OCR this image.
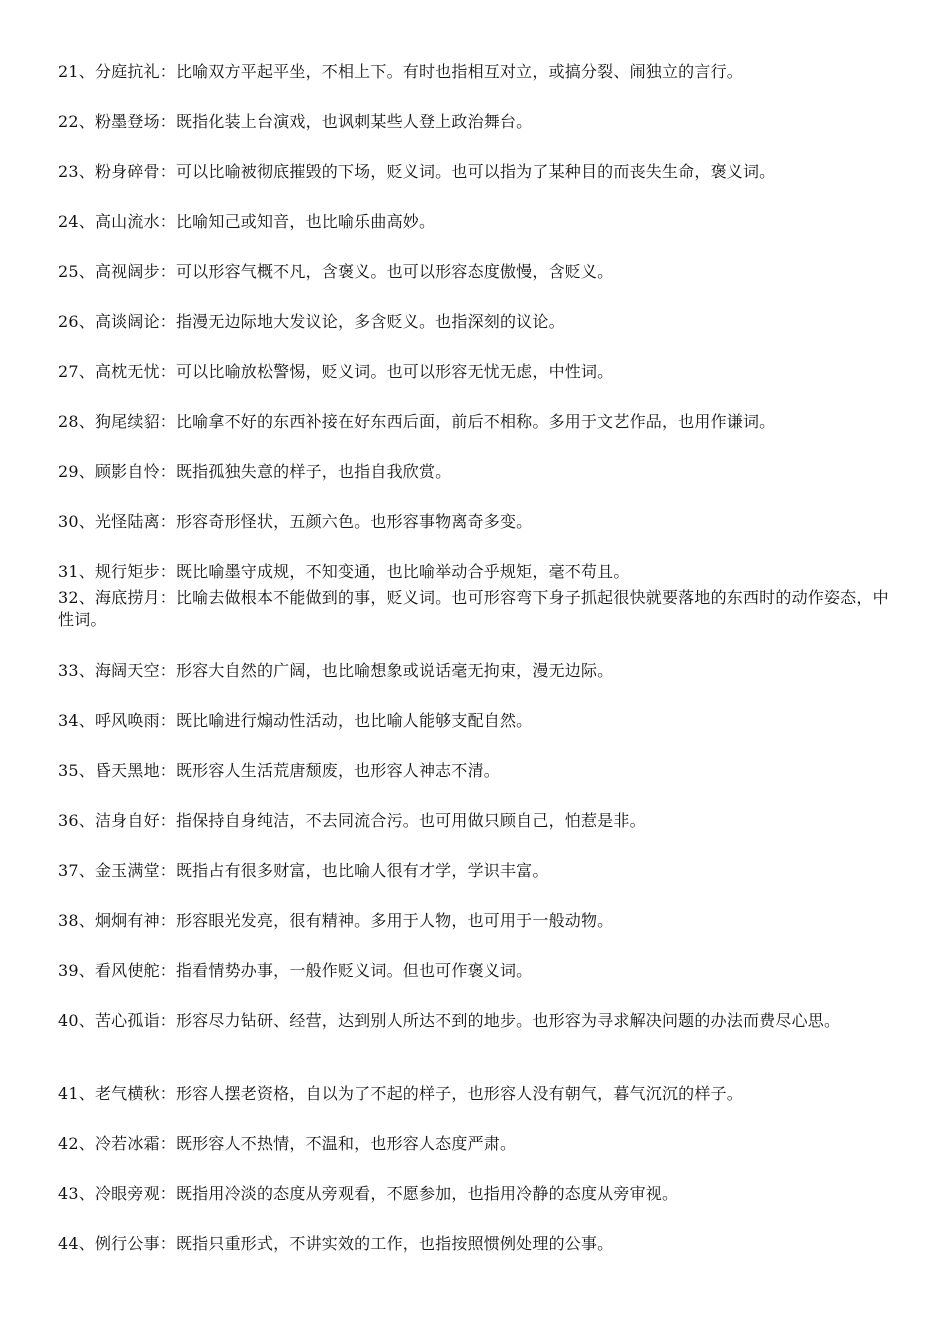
21、分庭抗礼：比喻双方平起平坐，不相上下。有时也指相互对立，或搞分裂、闹独立的言行。
22、粉墨登场：既指化装上台演戏，也讽刺某些人登上政治舞台。
23、粉身碎骨：可以比喻被彻底摧毁的下场，贬义词。也可以指为了某种目的而丧失生命，褒义词。
24、高山流水：比喻知己或知音，也比喻乐曲高妙。
25、高视阔步：可以形容气概不凡，含褒义。也可以形容态度傲慢，含贬义。
26、高谈阔论：指漫无边际地大发议论，多含贬义。也指深刻的议论。
27、高枕无忧：可以比喻放松警惕，贬义词。也可以形容无忧无虑，中性词。
28、狗尾续貂：比喻拿不好的东西补接在好东西后面，前后不相称。多用于文艺作品，也用作谦词。
29、顾影自怜：既指孤独失意的样子，也指自我欣赏。
30、光怪陆离：形容奇形怪状，五颜六色。也形容事物离奇多变。
31、规行矩步：既比喻墨守成规，不知变通，也比喻举动合乎规矩，毫不苟且。
32、海底捞月：比喻去做根本不能做到的事，贬义词。也可形容弯下身子抓起很快就要落地的东西时的动作姿态，中性词。
33、海阔天空：形容大自然的广阔，也比喻想象或说话毫无拘束，漫无边际。
34、呼风唤雨：既比喻进行煽动性活动，也比喻人能够支配自然。
35、昏天黑地：既形容人生活荒唐颓废，也形容人神志不清。
36、洁身自好：指保持自身纯洁，不去同流合污。也可用做只顾自己，怕惹是非。
37、金玉满堂：既指占有很多财富，也比喻人很有才学，学识丰富。
38、炯炯有神：形容眼光发亮，很有精神。多用于人物，也可用于一般动物。
39、看风使舵：指看情势办事，一般作贬义词。但也可作褒义词。
40、苦心孤诣：形容尽力钻研、经营，达到别人所达不到的地步。也形容为寻求解决问题的办法而费尽心思。
41、老气横秋：形容人摆老资格，自以为了不起的样子，也形容人没有朝气，暮气沉沉的样子。
42、冷若冰霜：既形容人不热情，不温和，也形容人态度严肃。
43、冷眼旁观：既指用冷淡的态度从旁观看，不愿参加，也指用冷静的态度从旁审视。
44、例行公事：既指只重形式，不讲实效的工作，也指按照惯例处理的公事。
